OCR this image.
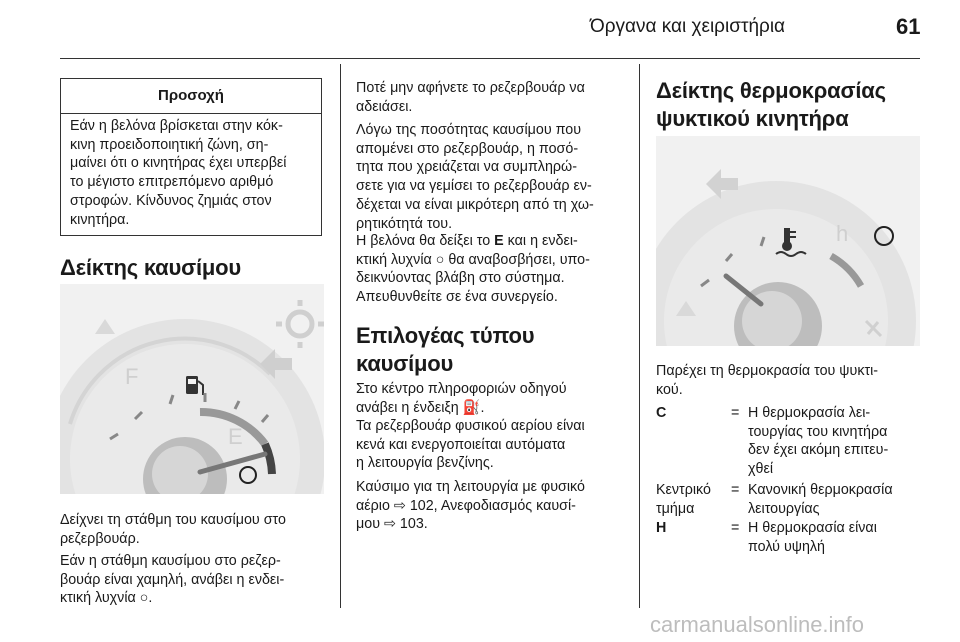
Όργανα και χειριστήρια	61
Προσοχή
Εάν η βελόνα βρίσκεται στην κόκ-
κινη προειδοποιητική ζώνη, ση-
μαίνει ότι ο κινητήρας έχει υπερβεί
το μέγιστο επιτρεπόμενο αριθμό
στροφών. Κίνδυνος ζημιάς στον
κινητήρα.
Δείκτης καυσίμου
F
E
Δείχνει τη στάθμη του καυσίμου στο
ρεζερβουάρ.
Εάν η στάθμη καυσίμου στο ρεζερ-
βουάρ είναι χαμηλή, ανάβει η ενδει-
κτική λυχνία ○.
Ποτέ μην αφήνετε το ρεζερβουάρ να
αδειάσει.
Λόγω της ποσότητας καυσίμου που
απομένει στο ρεζερβουάρ, η ποσό-
τητα που χρειάζεται να συμπληρώ-
σετε για να γεμίσει το ρεζερβουάρ εν-
δέχεται να είναι μικρότερη από τη χω-
ρητικότητά του.
Η βελόνα θα δείξει το E και η ενδει-
κτική λυχνία ○ θα αναβοσβήσει, υπο-
δεικνύοντας βλάβη στο σύστημα.
Απευθυνθείτε σε ένα συνεργείο.
Επιλογέας τύπου
καυσίμου
Στο κέντρο πληροφοριών οδηγού
ανάβει η ένδειξη ⛽.
Τα ρεζερβουάρ φυσικού αερίου είναι
κενά και ενεργοποιείται αυτόματα
η λειτουργία βενζίνης.
Καύσιμο για τη λειτουργία με φυσικό
αέριο ⇨ 102, Ανεφοδιασμός καυσί-
μου ⇨ 103.
Δείκτης θερμοκρασίας
ψυκτικού κινητήρα
h
Παρέχει τη θερμοκρασία του ψυκτι-
κού.
C	= Η θερμοκρασία λει-
τουργίας του κινητήρα
δεν έχει ακόμη επιτευ-
χθεί
Κεντρικό
τμήμα
= Κανονική θερμοκρασία
λειτουργίας
H	= Η θερμοκρασία είναι
πολύ υψηλή
carmanualsonline.info
